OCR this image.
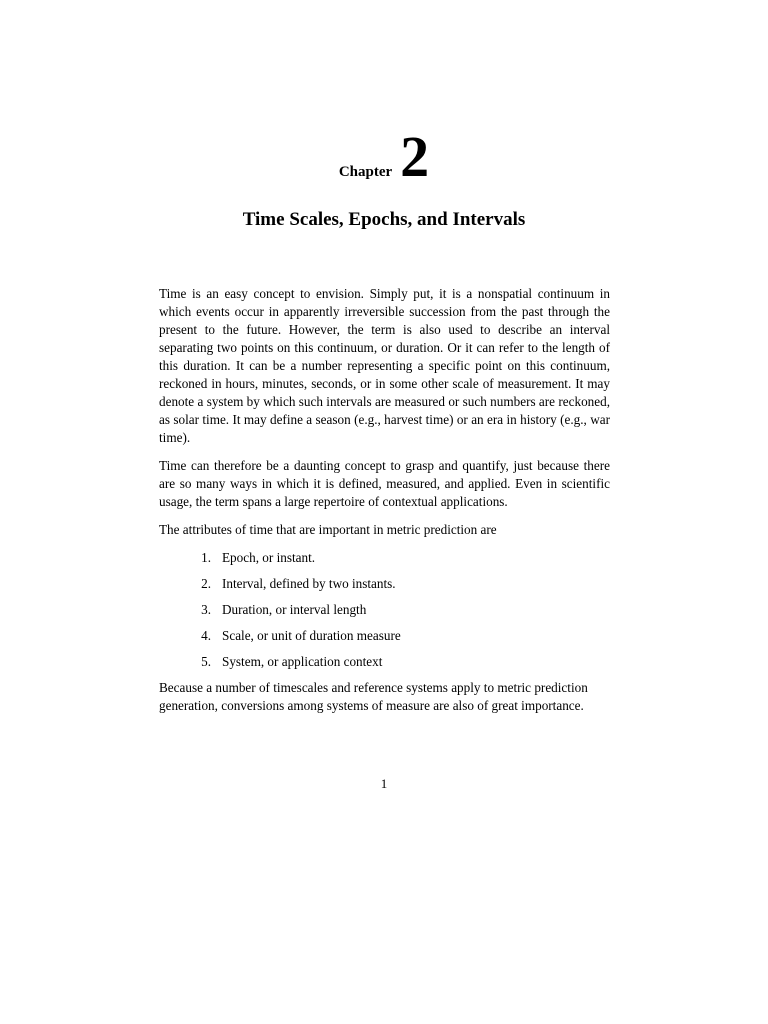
Chapter 2
Time Scales, Epochs, and Intervals

Time is an easy concept to envision. Simply put, it is a nonspatial continuum in which events occur in apparently irreversible succession from the past through the present to the future. However, the term is also used to describe an interval separating two points on this continuum, or duration. Or it can refer to the length of this duration. It can be a number representing a specific point on this continuum, reckoned in hours, minutes, seconds, or in some other scale of measurement. It may denote a system by which such intervals are measured or such numbers are reckoned, as solar time. It may define a season (e.g., harvest time) or an era in history (e.g., war time).

Time can therefore be a daunting concept to grasp and quantify, just because there are so many ways in which it is defined, measured, and applied. Even in scientific usage, the term spans a large repertoire of contextual applications.

The attributes of time that are important in metric prediction are

1. Epoch, or instant.
2. Interval, defined by two instants.
3. Duration, or interval length
4. Scale, or unit of duration measure
5. System, or application context

Because a number of timescales and reference systems apply to metric prediction generation, conversions among systems of measure are also of great importance.

1
